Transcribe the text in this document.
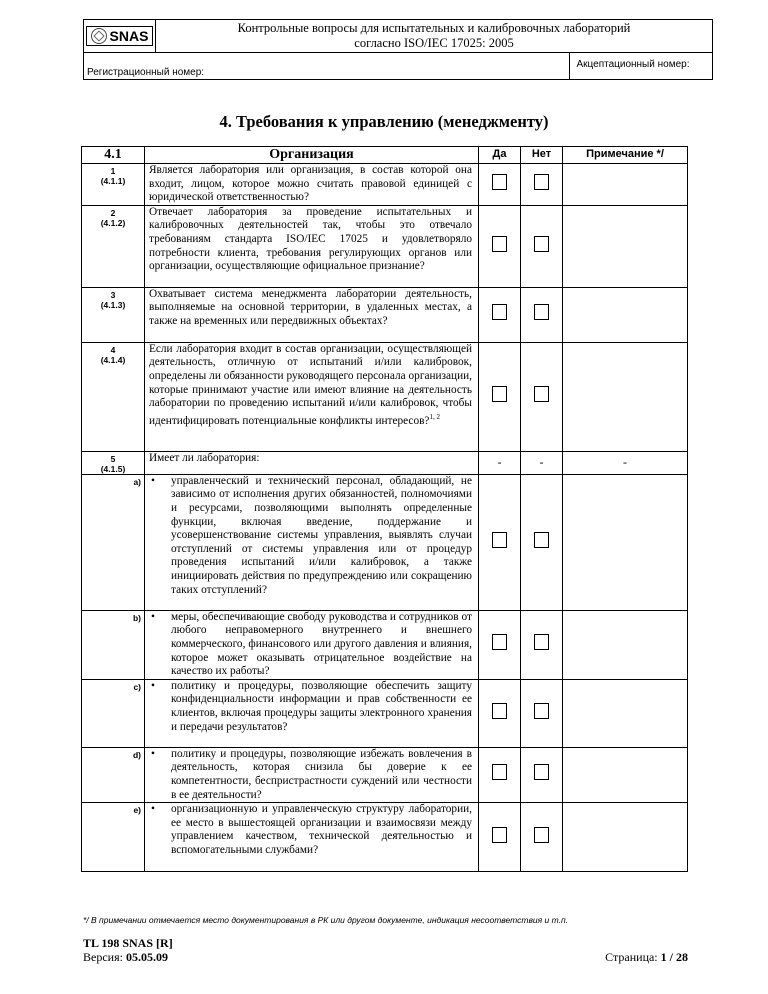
SNAS	Контрольные вопросы для испытательных и калибровочных лабораторий
согласно ISO/IEC 17025: 2005	

Регистрационный номер:		Акцептационный номер:
4. Требования к управлению (менеджменту)
4.1	Организация	Да	Нет	Примечание */

1
(4.1.1)	Является лаборатория или организация, в состав которой она входит, лицом, которое можно считать правовой единицей с юридической ответственностью?			

2
(4.1.2)	Отвечает лаборатория за проведение испытательных и калибровочных деятельностей так, чтобы это отвечало требованиям стандарта ISO/IEC 17025 и удовлетворяло потребности клиента, требования регулирующих органов или организации, осуществляющие официальное признание?			

3
(4.1.3)	Охватывает система менеджмента лаборатории деятельность, выполняемые на основной территории, в удаленных местах, а также на временных или передвижных объектах?			

4
(4.1.4)	Если лаборатория входит в состав организации, осуществляющей деятельность, отличную от испытаний и/или калибровок, определены ли обязанности руководящего персонала организации, которые принимают участие или имеют влияние на деятельность лаборатории по проведению испытаний и/или калибровок, чтобы идентифицировать потенциальные конфликты интересов?$^{1, 2}$			

5
(4.1.5)	Имеет ли лаборатория:	-	-	-
a)	• управленческий и технический персонал, обладающий, не зависимо от исполнения других обязанностей, полномочиями и ресурсами, позволяющими выполнять определенные функции, включая введение, поддержание и усовершенствование системы управления, выявлять случаи отступлений от системы управления или от процедур проведения испытаний и/или калибровок, а также инициировать действия по предупреждению или сокращению таких отступлений?			

b)	• меры, обеспечивающие свободу руководства и сотрудников от любого неправомерного внутреннего и внешнего коммерческого, финансового или другого давления и влияния, которое может оказывать отрицательное воздействие на качество их работы?			

c)	• политику и процедуры, позволяющие обеспечить защиту конфиденциальности информации и прав собственности ее клиентов, включая процедуры защиты электронного хранения и передачи результатов?			

d)	• политику и процедуры, позволяющие избежать вовлечения в деятельность, которая снизила бы доверие к ее компетентности, беспристрастности суждений или честности в ее деятельности?			

e)	• организационную и управленческую структуру лаборатории, ее место в вышестоящей организации и взаимосвязи между управлением качеством, технической деятельностью и вспомогательными службами?			

*/ В примечании отмечается место документирования в РК или другом документе, индикация несоответствия и т.п.
TL 198 SNAS [R]
Версия: 05.05.09	Страница: 1 / 28
